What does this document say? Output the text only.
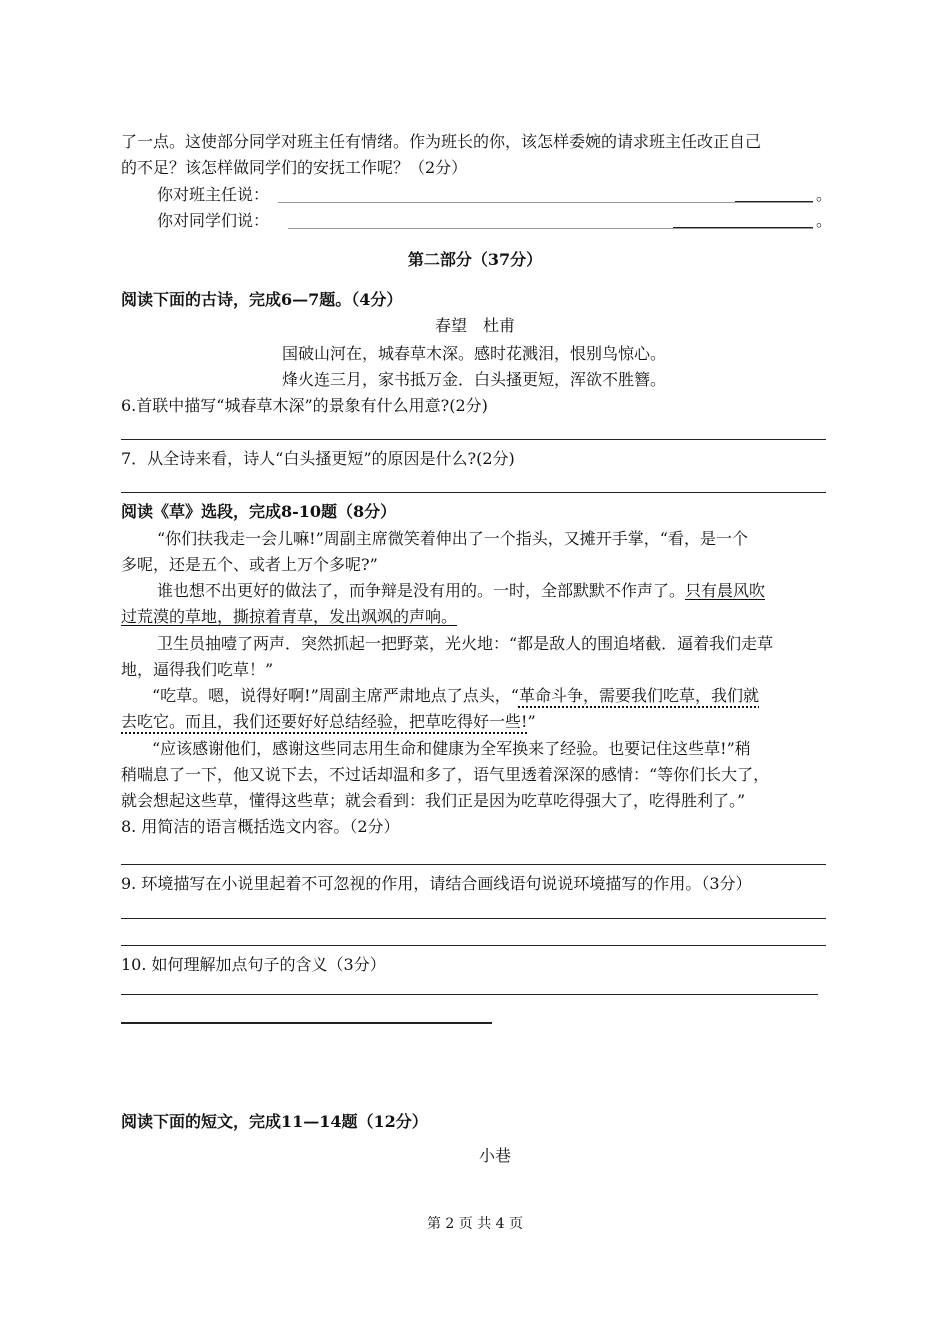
了一点。这使部分同学对班主任有情绪。作为班长的你，该怎样委婉的请求班主任改正自己
的不足？该怎样做同学们的安抚工作呢？（2分）
你对班主任说：	。
你对同学们说：	。
第二部分（37分）
阅读下面的古诗，完成6—7题。（4分）
春望　杜甫
国破山河在，城春草木深。感时花溅泪，恨别鸟惊心。
烽火连三月，家书抵万金．白头搔更短，浑欲不胜簪。
6.首联中描写“城春草木深”的景象有什么用意?(2分)
7．从全诗来看，诗人“白头搔更短”的原因是什么?(2分)
阅读《草》选段，完成8-10题（8分）
“你们扶我走一会儿嘛!”周副主席微笑着伸出了一个指头，又摊开手掌，“看，是一个
多呢，还是五个、或者上万个多呢?”
谁也想不出更好的做法了，而争辩是没有用的。一时，全部默默不作声了。只有晨风吹
过荒漠的草地，撕掠着青草，发出飒飒的声响。
卫生员抽噎了两声．突然抓起一把野菜，光火地：“都是敌人的围追堵截．逼着我们走草
地，逼得我们吃草！”
“吃草。嗯，说得好啊!”周副主席严肃地点了点头，“革命斗争，需要我们吃草，我们就
去吃它。而且，我们还要好好总结经验，把草吃得好一些!”
“应该感谢他们，感谢这些同志用生命和健康为全军换来了经验。也要记住这些草!”稍
稍喘息了一下，他又说下去，不过话却温和多了，语气里透着深深的感情：“等你们长大了，
就会想起这些草，懂得这些草；就会看到：我们正是因为吃草吃得强大了，吃得胜利了。”
8. 用简洁的语言概括选文内容。（2分）
9. 环境描写在小说里起着不可忽视的作用，请结合画线语句说说环境描写的作用。（3分）
10. 如何理解加点句子的含义（3分）
阅读下面的短文，完成11—14题（12分）
小巷
第 2 页 共 4 页
